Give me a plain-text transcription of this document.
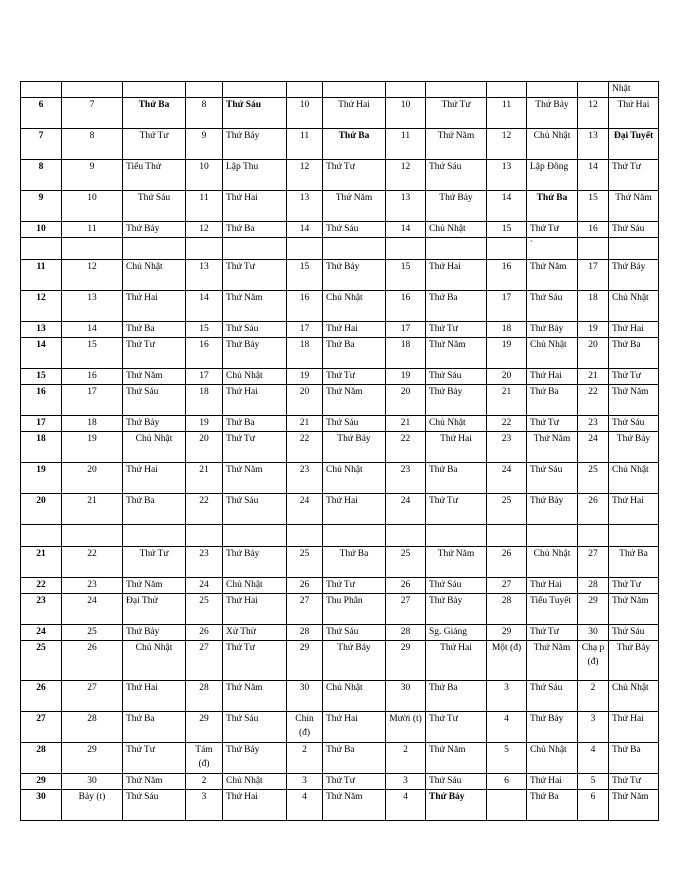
												Nhật
6	7	Thứ Ba	8	Thứ Sáu	10	Thứ Hai	10	Thứ Tư	11	Thứ Bảy	12	Thứ Hai
7	8	Thứ Tư	9	Thứ Bảy	11	Thứ Ba	11	Thứ Năm	12	Chủ Nhật	13	Đại Tuyết
8	9	Tiểu Thử	10	Lập Thu	12	Thứ Tư	12	Thứ Sáu	13	Lập Đông	14	Thứ Tư
9	10	Thứ Sáu	11	Thứ Hai	13	Thứ Năm	13	Thứ Bảy	14	Thứ Ba	15	Thứ Năm
10	11	Thứ Bảy	12	Thứ Ba	14	Thứ Sáu	14	Chủ Nhật	15	Thứ Tư	16	Thứ Sáu
										`		
11	12	Chủ Nhật	13	Thứ Tư	15	Thứ Bảy	15	Thứ Hai	16	Thứ Năm	17	Thứ Bảy
12	13	Thứ Hai	14	Thứ Năm	16	Chủ Nhật	16	Thứ Ba	17	Thứ Sáu	18	Chủ Nhật
13	14	Thứ Ba	15	Thứ Sáu	17	Thứ Hai	17	Thứ Tư	18	Thứ Bảy	19	Thứ Hai
14	15	Thứ Tư	16	Thứ Bảy	18	Thứ Ba	18	Thứ Năm	19	Chủ Nhật	20	Thứ Ba
15	16	Thứ Năm	17	Chủ Nhật	19	Thứ Tư	19	Thứ Sáu	20	Thứ Hai	21	Thứ Tư
16	17	Thứ Sáu	18	Thứ Hai	20	Thứ Năm	20	Thứ Bảy	21	Thứ Ba	22	Thứ Năm
17	18	Thứ Bảy	19	Thứ Ba	21	Thứ Sáu	21	Chủ Nhật	22	Thứ Tư	23	Thứ Sáu
18	19	Chủ Nhật	20	Thứ Tư	22	Thứ Bảy	22	Thứ Hai	23	Thứ Năm	24	Thứ Bảy
19	20	Thứ Hai	21	Thứ Năm	23	Chủ Nhật	23	Thứ Ba	24	Thứ Sáu	25	Chủ Nhật
20	21	Thứ Ba	22	Thứ Sáu	24	Thứ Hai	24	Thứ Tư	25	Thứ Bảy	26	Thứ Hai

21	22	Thứ Tư	23	Thứ Bảy	25	Thứ Ba	25	Thứ Năm	26	Chủ Nhật	27	Thứ Ba
22	23	Thứ Năm	24	Chủ Nhật	26	Thứ Tư	26	Thứ Sáu	27	Thứ Hai	28	Thứ Tư
23	24	Đại Thử	25	Thứ Hai	27	Thu Phân	27	Thứ Bảy	28	Tiểu Tuyết	29	Thứ Năm
24	25	Thứ Bảy	26	Xử Thử	28	Thứ Sáu	28	Sg. Giáng	29	Thứ Tư	30	Thứ Sáu
25	26	Chủ Nhật	27	Thứ Tư	29	Thứ Bảy	29	Thứ Hai	Một (đ)	Thứ Năm	Chạ p (đ)	Thứ Bảy
26	27	Thứ Hai	28	Thứ Năm	30	Chủ Nhật	30	Thứ Ba	3	Thứ Sáu	2	Chủ Nhật
27	28	Thứ Ba	29	Thứ Sáu	Chín (đ)	Thứ Hai	Mười (t)	Thứ Tư	4	Thứ Bảy	3	Thứ Hai
28	29	Thứ Tư	Tám (đ)	Thứ Bảy	2	Thứ Ba	2	Thứ Năm	5	Chủ Nhật	4	Thứ Ba
29	30	Thứ Năm	2	Chủ Nhật	3	Thứ Tư	3	Thứ Sáu	6	Thứ Hai	5	Thứ Tư
30	Bảy (t)	Thứ Sáu	3	Thứ Hai	4	Thứ Năm	4	Thứ Bảy		Thứ Ba	6	Thứ Năm
